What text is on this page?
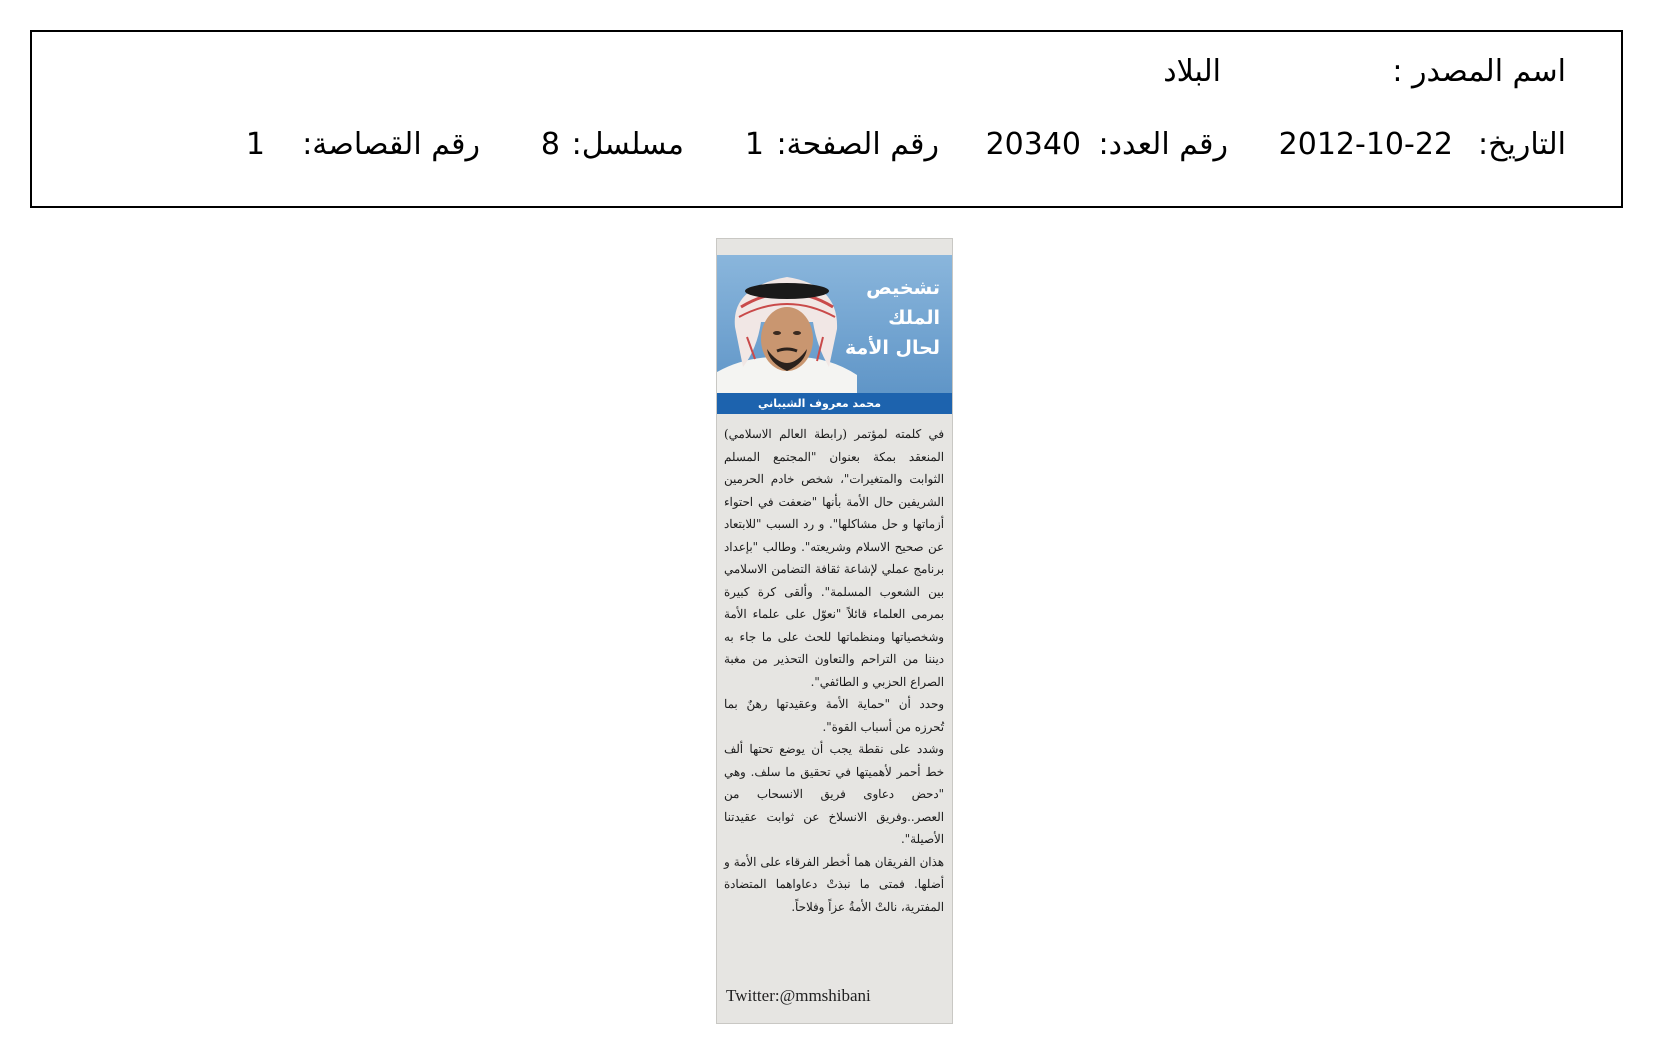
اسم المصدر :
البلاد
التاريخ:
2012-10-22
رقم العدد:
20340
رقم الصفحة:
1
مسلسل:
8
رقم القصاصة:
1
تشخيص
الملك
لحال الأمة
محمد معروف الشيباني

في كلمته لمؤتمر (رابطة العالم الاسلامي) المنعقد بمكة بعنوان "المجتمع المسلم الثوابت والمتغيرات"، شخص خادم الحرمين الشريفين حال الأمة بأنها "ضعفت في احتواء أزماتها و حل مشاكلها". و رد السبب "للابتعاد عن صحيح الاسلام وشريعته". وطالب "بإعداد برنامج عملي لإشاعة ثقافة التضامن الاسلامي بين الشعوب المسلمة". وألقى كرة كبيرة بمرمى العلماء قائلاً "نعوّل على علماء الأمة وشخصياتها ومنظماتها للحث على ما جاء به ديننا من التراحم والتعاون التحذير من مغبة الصراع الحزبي و الطائفي".

وحدد أن "حماية الأمة وعقيدتها رهنٌ بما تُحرزه من أسباب القوة".

وشدد على نقطة يجب أن يوضع تحتها ألف خط أحمر لأهميتها في تحقيق ما سلف. وهي "دحض دعاوى فريق الانسحاب من العصر..وفريق الانسلاخ عن ثوابت عقيدتنا الأصيلة".

هذان الفريقان هما أخطر الفرقاء على الأمة و أضلها. فمتى ما نبذتْ دعاواهما المتضادة المفترية، نالتْ الأمةُ عزاً وفلاحاً.

Twitter:@mmshibani
